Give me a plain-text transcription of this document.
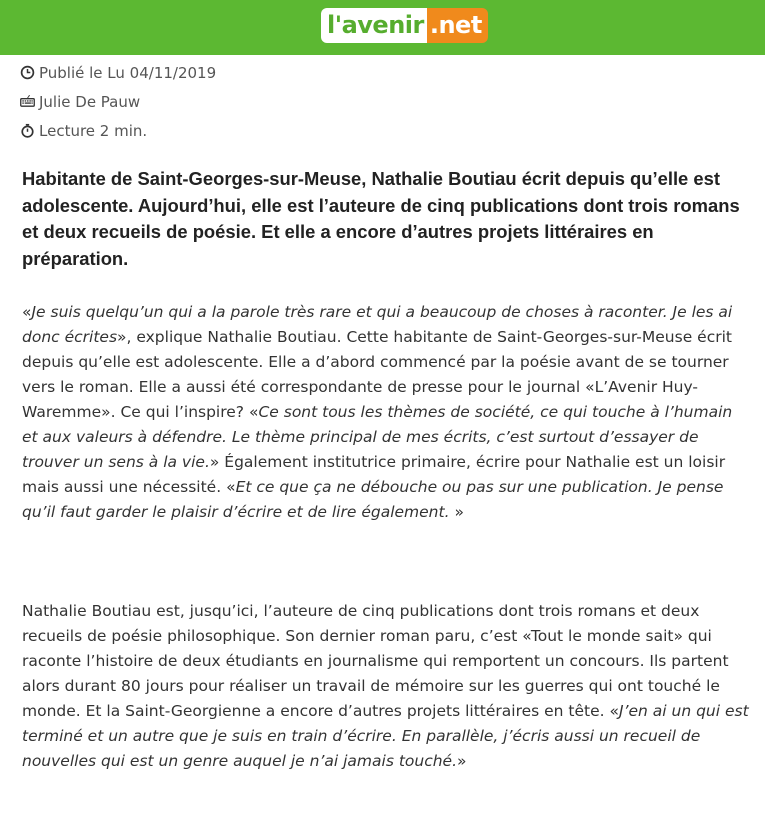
l'avenir .net
Publié le Lu 04/11/2019
Julie De Pauw
Lecture 2 min.

Habitante de Saint-Georges-sur-Meuse, Nathalie Boutiau écrit depuis qu’elle est adolescente. Aujourd’hui, elle est l’auteure de cinq publications dont trois romans et deux recueils de poésie. Et elle a encore d’autres projets littéraires en préparation.

«Je suis quelqu’un qui a la parole très rare et qui a beaucoup de choses à raconter. Je les ai donc écrites», explique Nathalie Boutiau. Cette habitante de Saint-Georges-sur-Meuse écrit depuis qu’elle est adolescente. Elle a d’abord commencé par la poésie avant de se tourner vers le roman. Elle a aussi été correspondante de presse pour le journal «L’Avenir Huy-Waremme». Ce qui l’inspire? «Ce sont tous les thèmes de société, ce qui touche à l’humain et aux valeurs à défendre. Le thème principal de mes écrits, c’est surtout d’essayer de trouver un sens à la vie.» Également institutrice primaire, écrire pour Nathalie est un loisir mais aussi une nécessité. «Et ce que ça ne débouche ou pas sur une publication. Je pense qu’il faut garder le plaisir d’écrire et de lire également. »

Nathalie Boutiau est, jusqu’ici, l’auteure de cinq publications dont trois romans et deux recueils de poésie philosophique. Son dernier roman paru, c’est «Tout le monde sait» qui raconte l’histoire de deux étudiants en journalisme qui remportent un concours. Ils partent alors durant 80 jours pour réaliser un travail de mémoire sur les guerres qui ont touché le monde. Et la Saint-Georgienne a encore d’autres projets littéraires en tête. «J’en ai un qui est terminé et un autre que je suis en train d’écrire. En parallèle, j’écris aussi un recueil de nouvelles qui est un genre auquel je n’ai jamais touché.»
